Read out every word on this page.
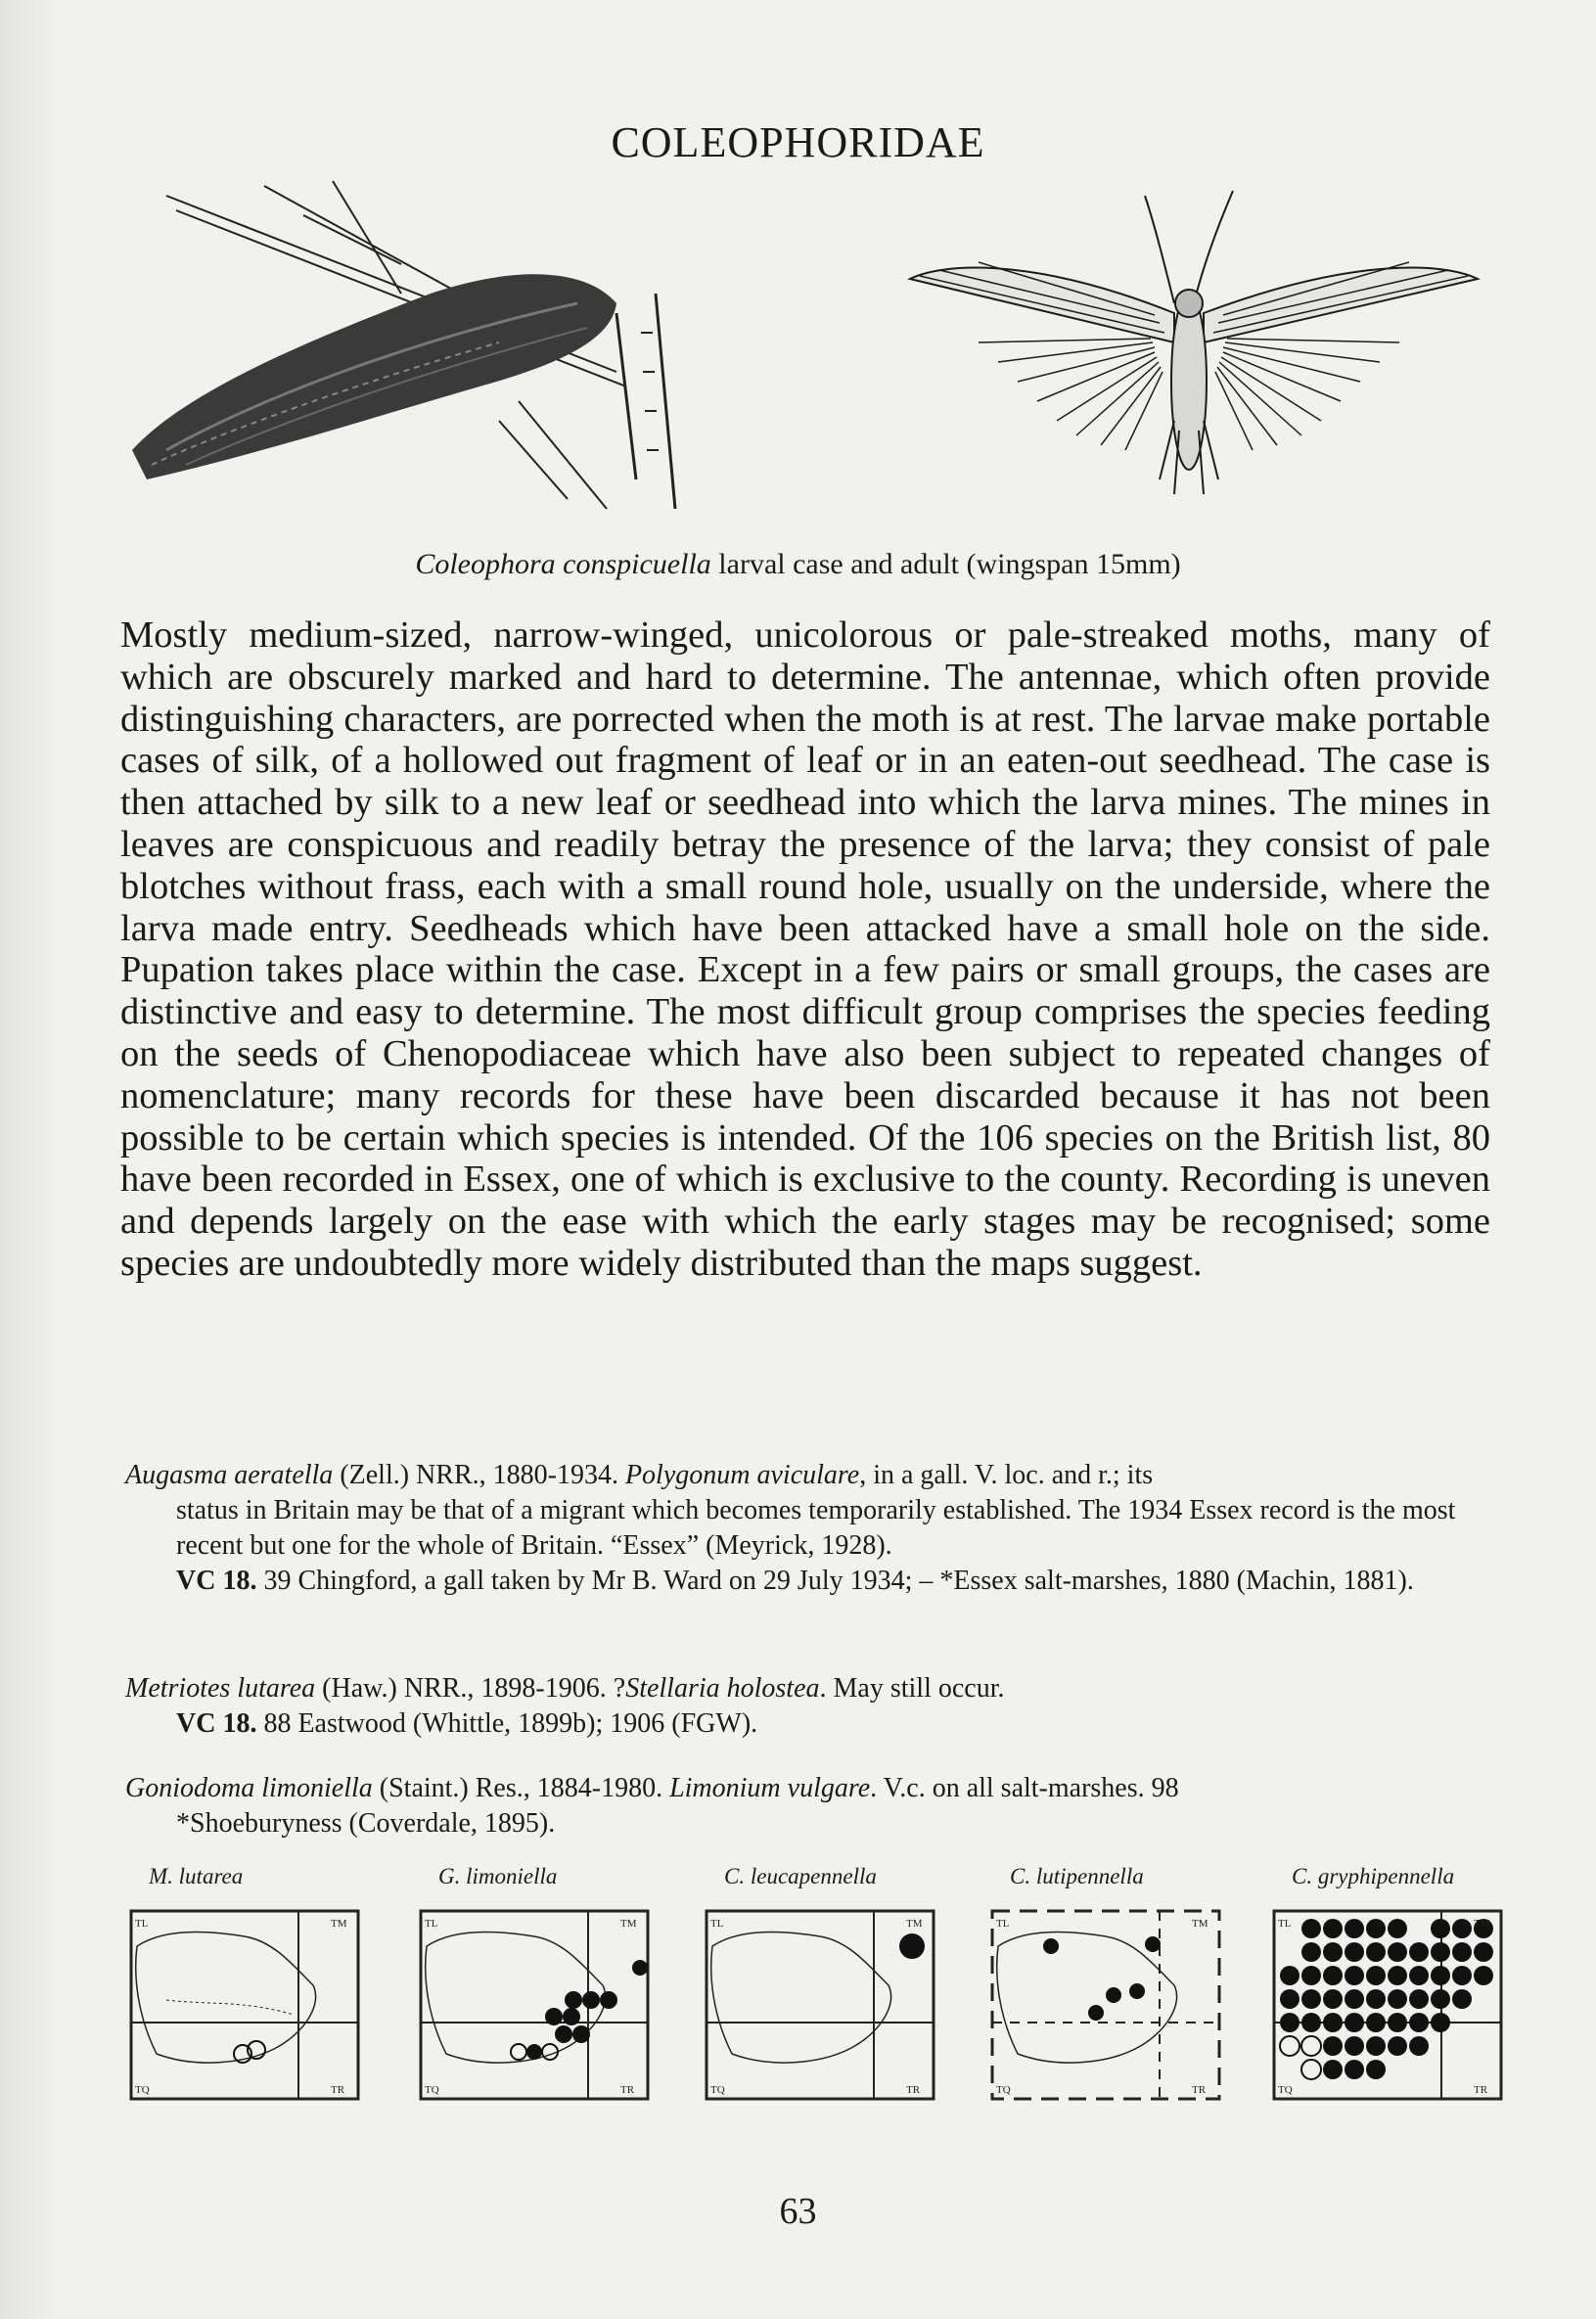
COLEOPHORIDAE
Coleophora conspicuella larval case and adult (wingspan 15mm)
Mostly medium-sized, narrow-winged, unicolorous or pale-streaked moths, many of which are obscurely marked and hard to determine. The antennae, which often provide distinguishing characters, are porrected when the moth is at rest. The larvae make portable cases of silk, of a hollowed out fragment of leaf or in an eaten-out seedhead. The case is then attached by silk to a new leaf or seedhead into which the larva mines. The mines in leaves are conspicuous and readily betray the presence of the larva; they consist of pale blotches without frass, each with a small round hole, usually on the underside, where the larva made entry. Seedheads which have been attacked have a small hole on the side. Pupation takes place within the case. Except in a few pairs or small groups, the cases are distinctive and easy to determine. The most difficult group comprises the species feeding on the seeds of Chenopodiaceae which have also been subject to repeated changes of nomenclature; many records for these have been discarded because it has not been possible to be certain which species is intended. Of the 106 species on the British list, 80 have been recorded in Essex, one of which is exclusive to the county. Recording is uneven and depends largely on the ease with which the early stages may be recognised; some species are undoubtedly more widely distributed than the maps suggest.

Augasma aeratella (Zell.) NRR., 1880-1934. Polygonum aviculare, in a gall. V. loc. and r.; its

status in Britain may be that of a migrant which becomes temporarily established. The 1934 Essex record is the most recent but one for the whole of Britain. “Essex” (Meyrick, 1928).

VC 18. 39 Chingford, a gall taken by Mr B. Ward on 29 July 1934; – *Essex salt-marshes, 1880 (Machin, 1881).

Metriotes lutarea (Haw.) NRR., 1898-1906. ?Stellaria holostea. May still occur.

VC 18. 88 Eastwood (Whittle, 1899b); 1906 (FGW).

Goniodoma limoniella (Staint.) Res., 1884-1980. Limonium vulgare. V.c. on all salt-marshes. 98

*Shoeburyness (Coverdale, 1895).

M. lutarea
TL	TM
TQ	TR
G. limoniella
TL	TM
TQ	TR
C. leucapennella
TL	TM
TQ	TR
C. lutipennella
TL	TM
TQ	TR
C. gryphipennella
TL	TM
TQ	TR
63
